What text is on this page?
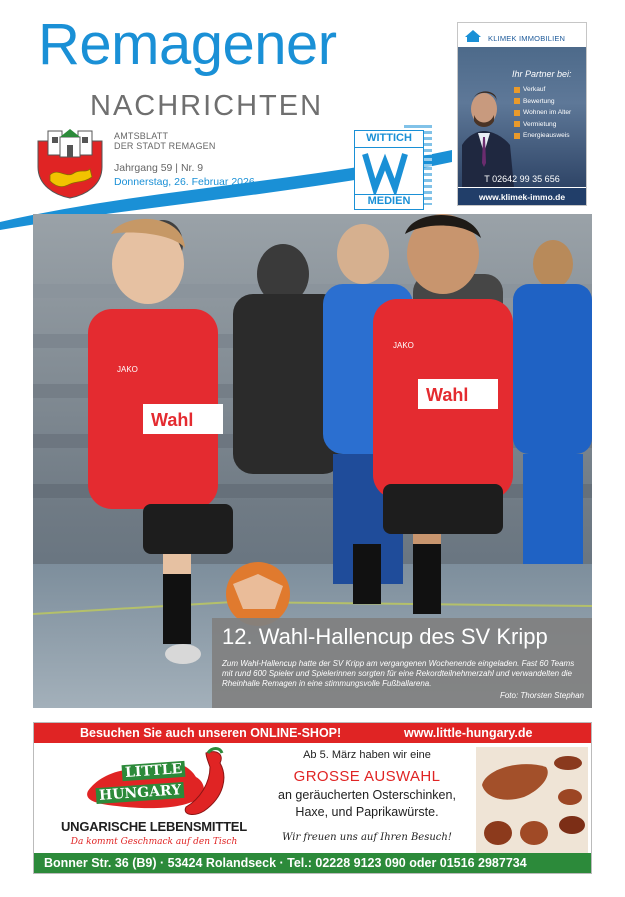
Remagener
NACHRICHTEN
AMTSBLATT
DER STADT REMAGEN
Jahrgang 59 | Nr. 9
Donnerstag, 26. Februar 2026
WITTICH
MEDIEN
KLIMEK IMMOBILIEN
Ihr Partner bei:
Verkauf
Bewertung
Wohnen im Alter
Vermietung
Energieausweis
T 02642 99 35 656
www.klimek-immo.de
Wahl
Wahl
JAKO
JAKO
12. Wahl-Hallencup des SV Kripp
Zum Wahl-Hallencup hatte der SV Kripp am vergangenen Wochenende eingeladen. Fast 60 Teams mit rund 600 Spieler und Spielerinnen sorgten für eine Rekordteilnehmerzahl und verwandelten die Rheinhalle Remagen in eine stimmungsvolle Fußballarena.
Foto: Thorsten Stephan
Besuchen Sie auch unseren ONLINE-SHOP!	www.little-hungary.de
LITTLE
HUNGARY
UNGARISCHE LEBENSMITTEL
Da kommt Geschmack auf den Tisch
Ab 5. März haben wir eine
GROSSE AUSWAHL
an geräucherten Osterschinken,
Haxe, und Paprikawürste.
Wir freuen uns auf Ihren Besuch!
Bonner Str. 36 (B9) · 53424 Rolandseck · Tel.: 02228 9123 090 oder 01516 2987734
